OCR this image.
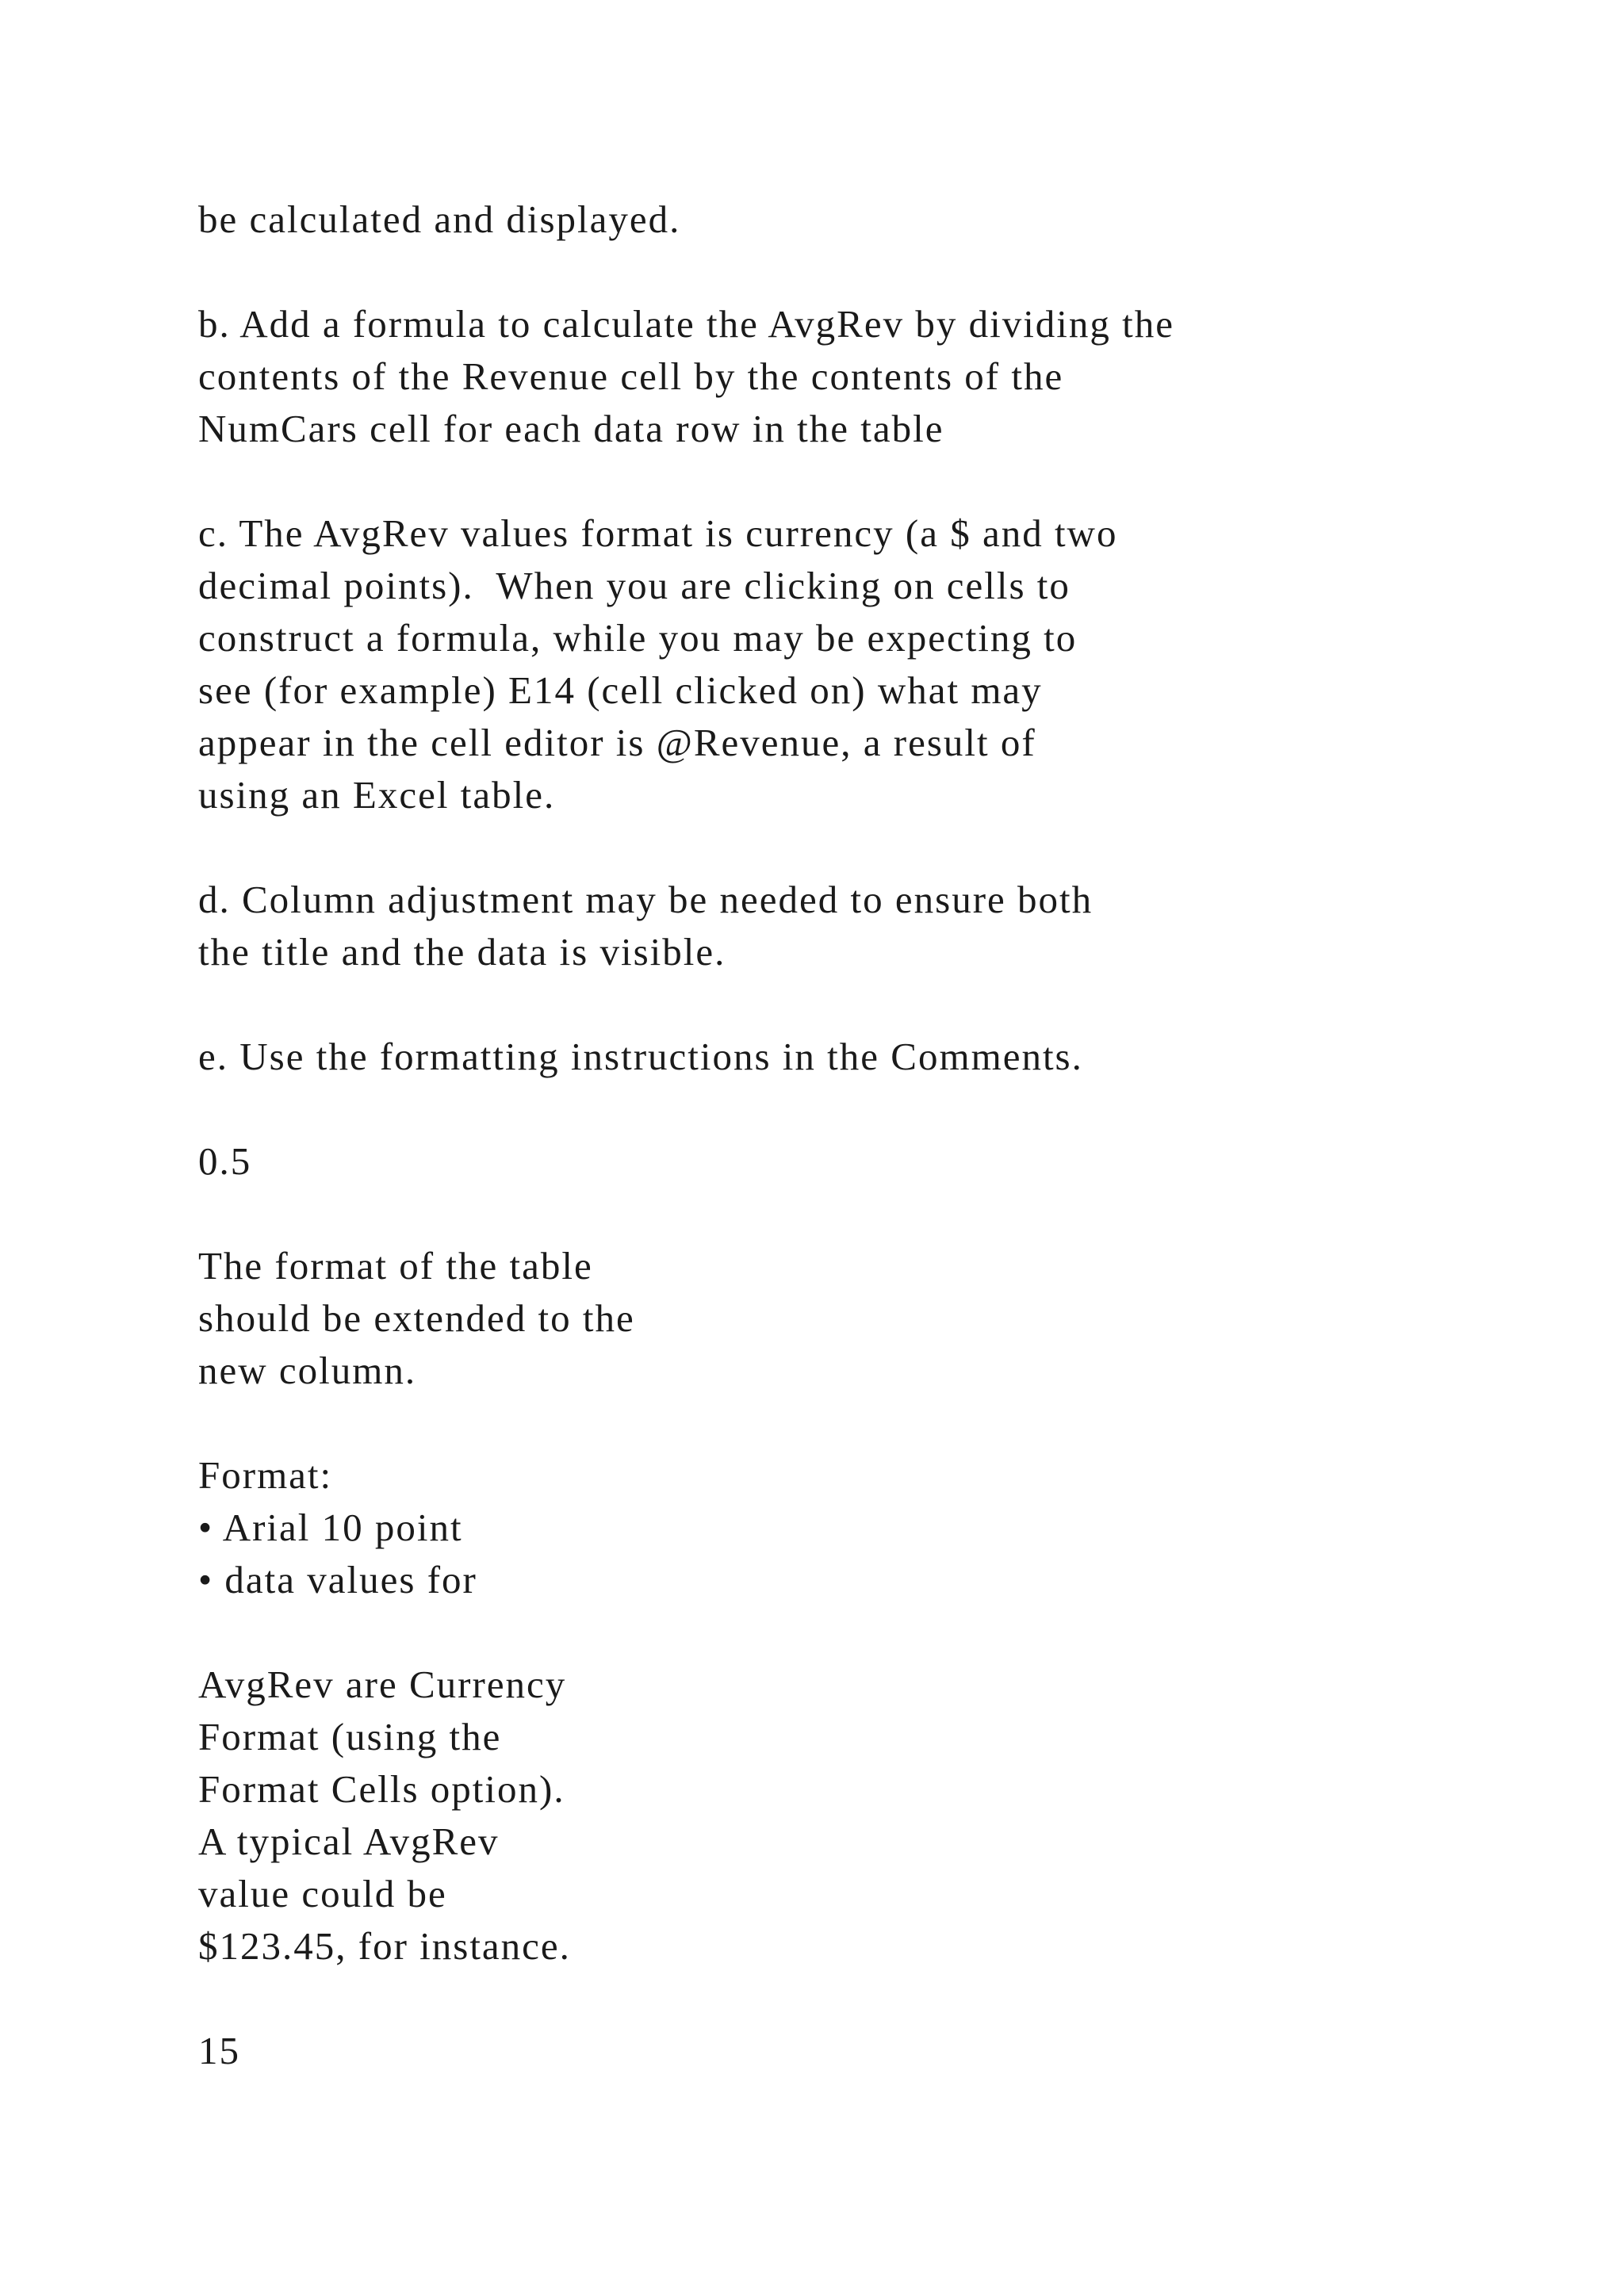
be calculated and displayed.
b. Add a formula to calculate the AvgRev by dividing the
contents of the Revenue cell by the contents of the
NumCars cell for each data row in the table
c. The AvgRev values format is currency (a $ and two
decimal points).  When you are clicking on cells to
construct a formula, while you may be expecting to
see (for example) E14 (cell clicked on) what may
appear in the cell editor is @Revenue, a result of
using an Excel table.
d. Column adjustment may be needed to ensure both
the title and the data is visible.
e. Use the formatting instructions in the Comments.
0.5
The format of the table
should be extended to the
new column.
Format:
• Arial 10 point
• data values for
AvgRev are Currency
Format (using the
Format Cells option).
A typical AvgRev
value could be
$123.45, for instance.
15
